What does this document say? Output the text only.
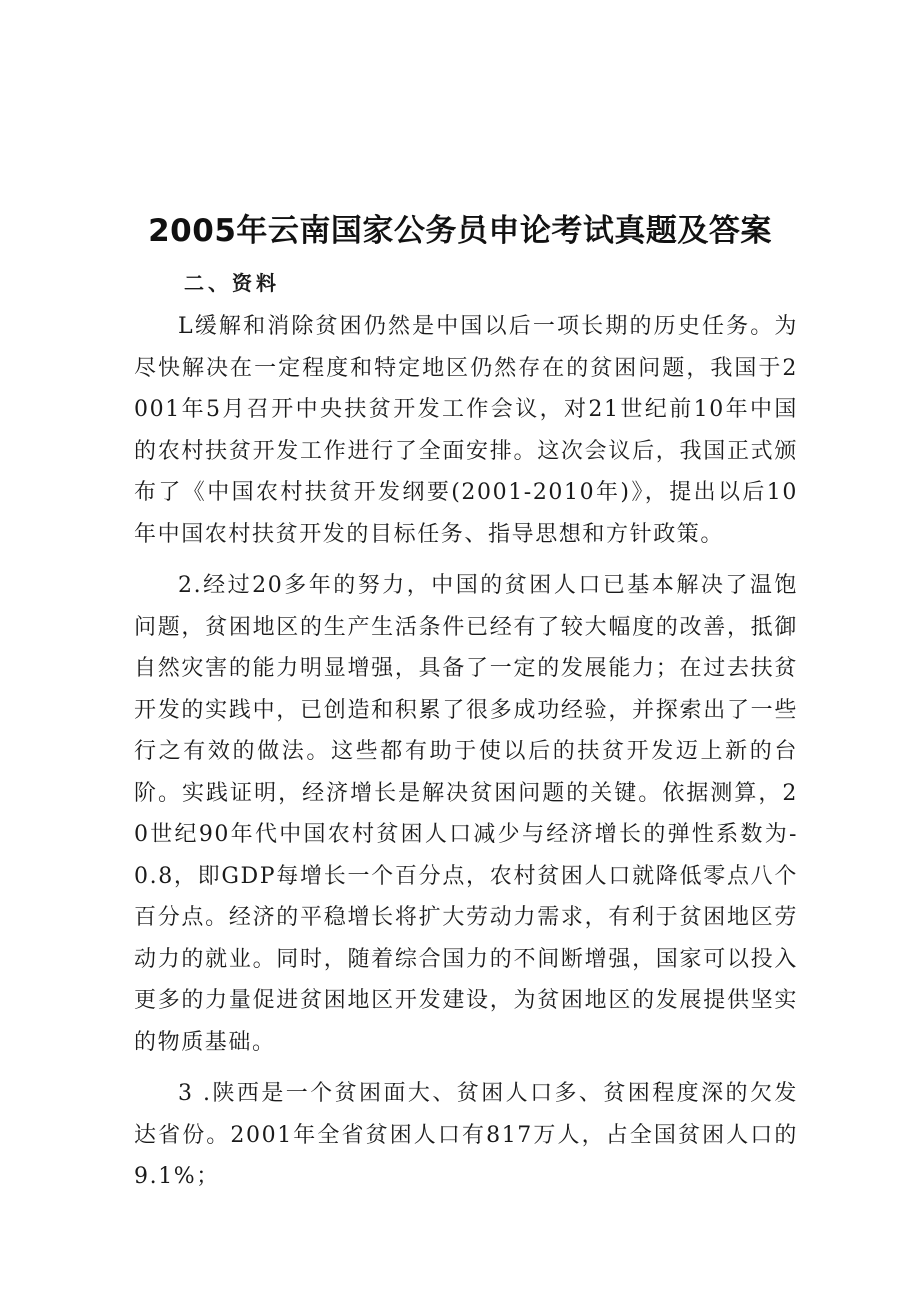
2005年云南国家公务员申论考试真题及答案
二、资料

L缓解和消除贫困仍然是中国以后一项长期的历史任务。为尽快解决在一定程度和特定地区仍然存在的贫困问题，我国于2001年5月召开中央扶贫开发工作会议，对21世纪前10年中国的农村扶贫开发工作进行了全面安排。这次会议后，我国正式颁布了《中国农村扶贫开发纲要(2001-2010年)》，提出以后10年中国农村扶贫开发的目标任务、指导思想和方针政策。

2.经过20多年的努力，中国的贫困人口已基本解决了温饱问题，贫困地区的生产生活条件已经有了较大幅度的改善，抵御自然灾害的能力明显增强，具备了一定的发展能力；在过去扶贫开发的实践中，已创造和积累了很多成功经验，并探索出了一些行之有效的做法。这些都有助于使以后的扶贫开发迈上新的台阶。实践证明，经济增长是解决贫困问题的关键。依据测算，20世纪90年代中国农村贫困人口减少与经济增长的弹性系数为-0.8，即GDP每增长一个百分点，农村贫困人口就降低零点八个百分点。经济的平稳增长将扩大劳动力需求，有利于贫困地区劳动力的就业。同时，随着综合国力的不间断增强，国家可以投入更多的力量促进贫困地区开发建设，为贫困地区的发展提供坚实的物质基础。

3 .陕西是一个贫困面大、贫困人口多、贫困程度深的欠发达省份。2001年全省贫困人口有817万人，占全国贫困人口的9.1%；
